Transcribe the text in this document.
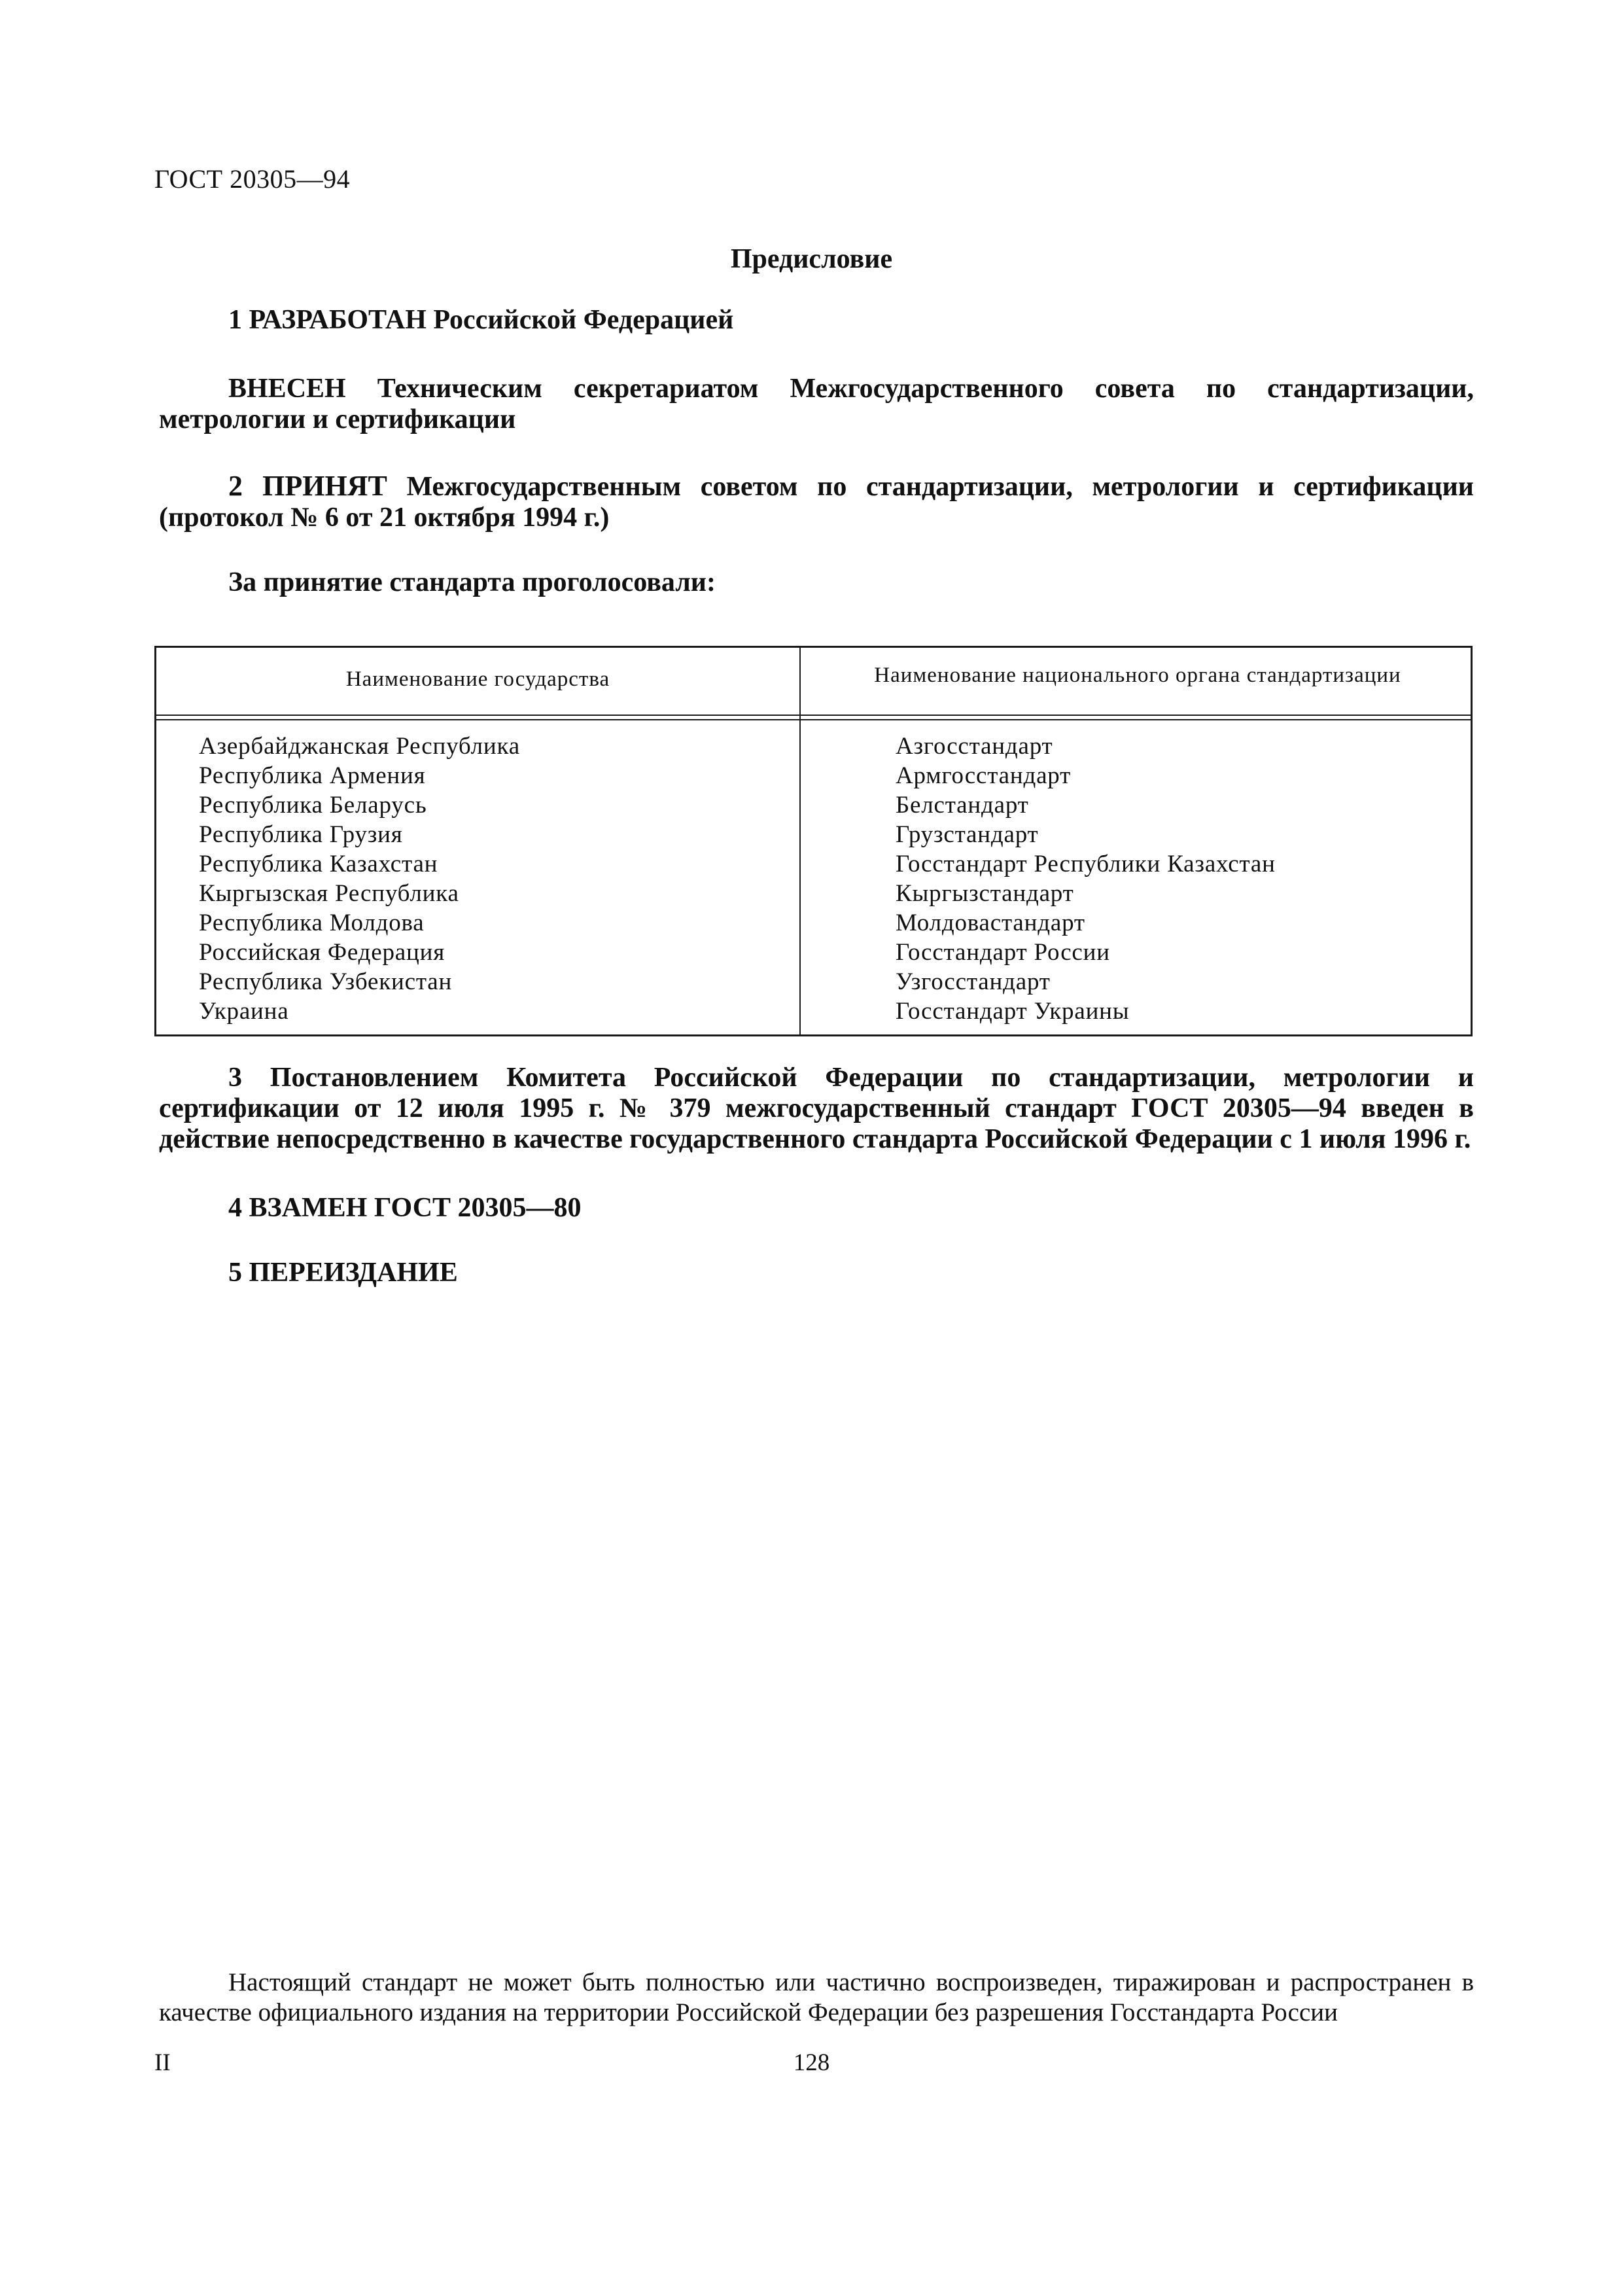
ГОСТ 20305—94
Предисловие
1 РАЗРАБОТАН Российской Федерацией
ВНЕСЕН Техническим секретариатом Межгосударственного совета по стандартизации, метрологии и сертификации
2 ПРИНЯТ Межгосударственным советом по стандартизации, метрологии и сертификации (протокол № 6 от 21 октября 1994 г.)
За принятие стандарта проголосовали:
Наименование государства	Наименование национального органа стандартизации
Азербайджанская Республика
Республика Армения
Республика Беларусь
Республика Грузия
Республика Казахстан
Кыргызская Республика
Республика Молдова
Российская Федерация
Республика Узбекистан
Украина
Азгосстандарт
Армгосстандарт
Белстандарт
Грузстандарт
Госстандарт Республики Казахстан
Кыргызстандарт
Молдовастандарт
Госстандарт России
Узгосстандарт
Госстандарт Украины
3 Постановлением Комитета Российской Федерации по стандартизации, метрологии и сертификации от 12 июля 1995 г. № 379 межгосударственный стандарт ГОСТ 20305—94 введен в действие непосредственно в качестве государственного стандарта Российской Федерации с 1 июля 1996 г.
4 ВЗАМЕН ГОСТ 20305—80
5 ПЕРЕИЗДАНИЕ
Настоящий стандарт не может быть полностью или частично воспроизведен, тиражирован и распространен в качестве официального издания на территории Российской Федерации без разрешения Госстандарта России
II	128
